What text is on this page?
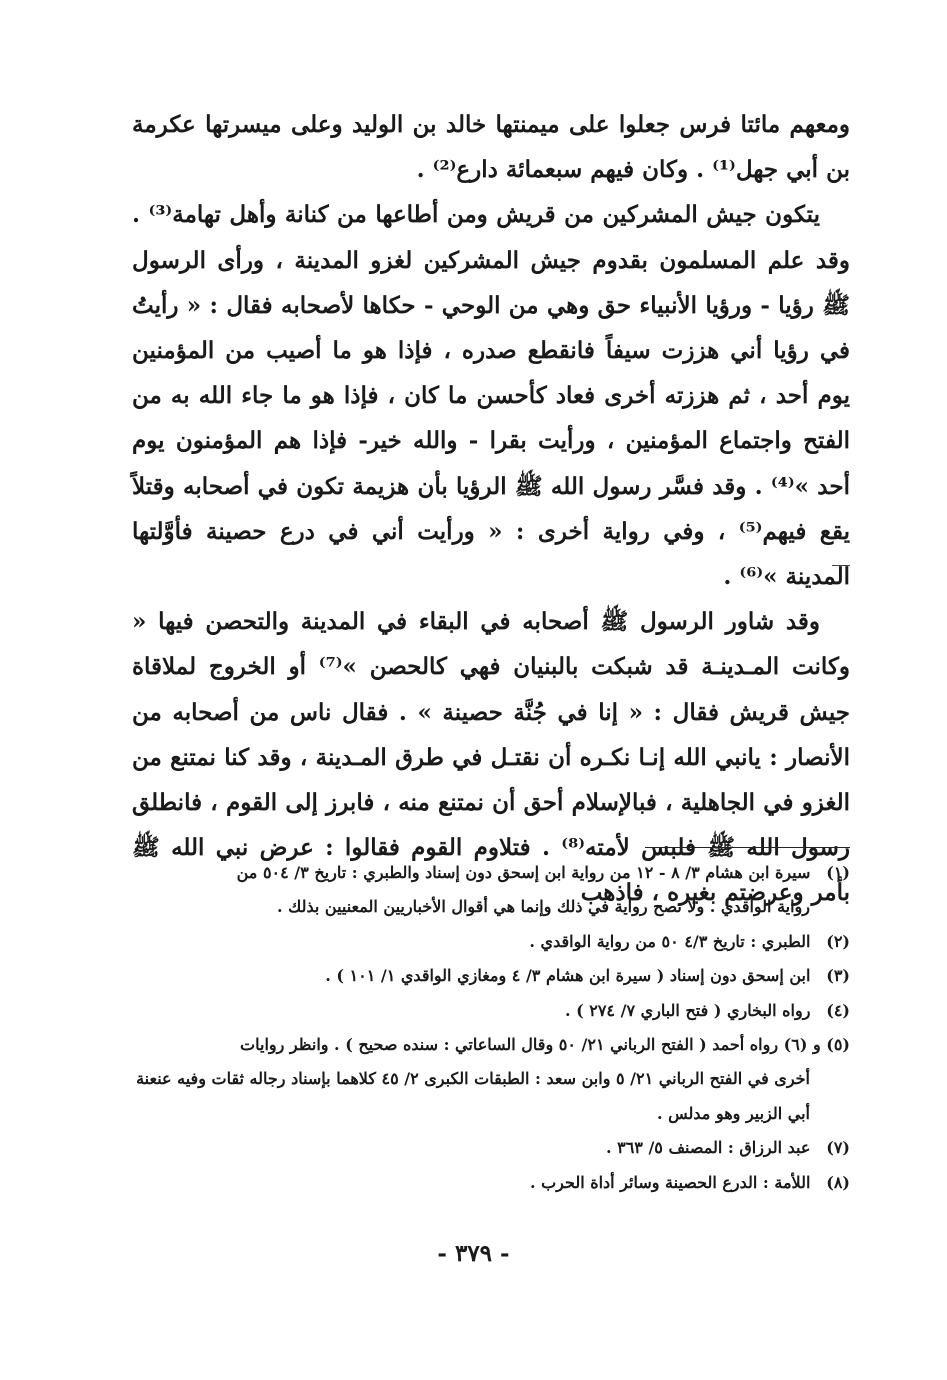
ومعهم مائتا فرس جعلوا على ميمنتها خالد بن الوليد وعلى ميسرتها عكرمة بن أبي جهل⁽¹⁾ . وكان فيهم سبعمائة دارع⁽²⁾ .

يتكون جيش المشركين من قريش ومن أطاعها من كنانة وأهل تهامة⁽³⁾ . وقد علم المسلمون بقدوم جيش المشركين لغزو المدينة ، ورأى الرسول ﷺ رؤيا - ورؤيا الأنبياء حق وهي من الوحي - حكاها لأصحابه فقال : « رأيتُ في رؤيا أني هززت سيفاً فانقطع صدره ، فإذا هو ما أصيب من المؤمنين يوم أحد ، ثم هززته أخرى فعاد كأحسن ما كان ، فإذا هو ما جاء الله به من الفتح واجتماع المؤمنين ، ورأيت بقرا - والله خير- فإذا هم المؤمنون يوم أحد »⁽⁴⁾ . وقد فسَّر رسول الله ﷺ الرؤيا بأن هزيمة تكون في أصحابه وقتلاً يقع فيهم⁽⁵⁾ ، وفي رواية أخرى : « ورأيت أني في درع حصينة فأوَّلتها المدينة »⁽⁶⁾ .

وقد شاور الرسول ﷺ أصحابه في البقاء في المدينة والتحصن فيها « وكانت المـدينـة قد شبكت بالبنيان فهي كالحصن »⁽⁷⁾ أو الخروج لملاقاة جيش قريش فقال : « إنا في جُنَّة حصينة » . فقال ناس من أصحابه من الأنصار : يانبي الله إنـا نكـره أن نقتـل في طرق المـدينة ، وقد كنا نمتنع من الغزو في الجاهلية ، فبالإسلام أحق أن نمتنع منه ، فابرز إلى القوم ، فانطلق رسول الله ﷺ فلبس لأمته⁽⁸⁾ . فتلاوم القوم فقالوا : عرض نبي الله ﷺ بأمر وعرضتم بغيره ، فاذهب

(١) سيرة ابن هشام ٣/ ٨ - ١٢ من رواية ابن إسحق دون إسناد والطبري : تاريخ ٣/ ٥٠٤ من
رواية الواقدي . ولا تصح رواية في ذلك وإنما هي أقوال الأخباريين المعنيين بذلك .
(٢) الطبري : تاريخ ٤/٣ ٥٠ من رواية الواقدي .
(٣) ابن إسحق دون إسناد ( سيرة ابن هشام ٣/ ٤ ومغازي الواقدي ١/ ١٠١ ) .
(٤) رواه البخاري ( فتح الباري ٧/ ٢٧٤ ) .
(٥) و (٦) رواه أحمد ( الفتح الرباني ٢١/ ٥٠ وقال الساعاتي : سنده صحيح ) . وانظر روايات
أخرى في الفتح الرباني ٢١/ ٥ وابن سعد : الطبقات الكبرى ٢/ ٤٥ كلاهما بإسناد رجاله ثقات وفيه عنعنة أبي الزبير وهو مدلس .
(٧) عبد الرزاق : المصنف ٥/ ٣٦٣ .
(٨) اللأمة : الدرع الحصينة وسائر أداة الحرب .
- ٣٧٩ -
